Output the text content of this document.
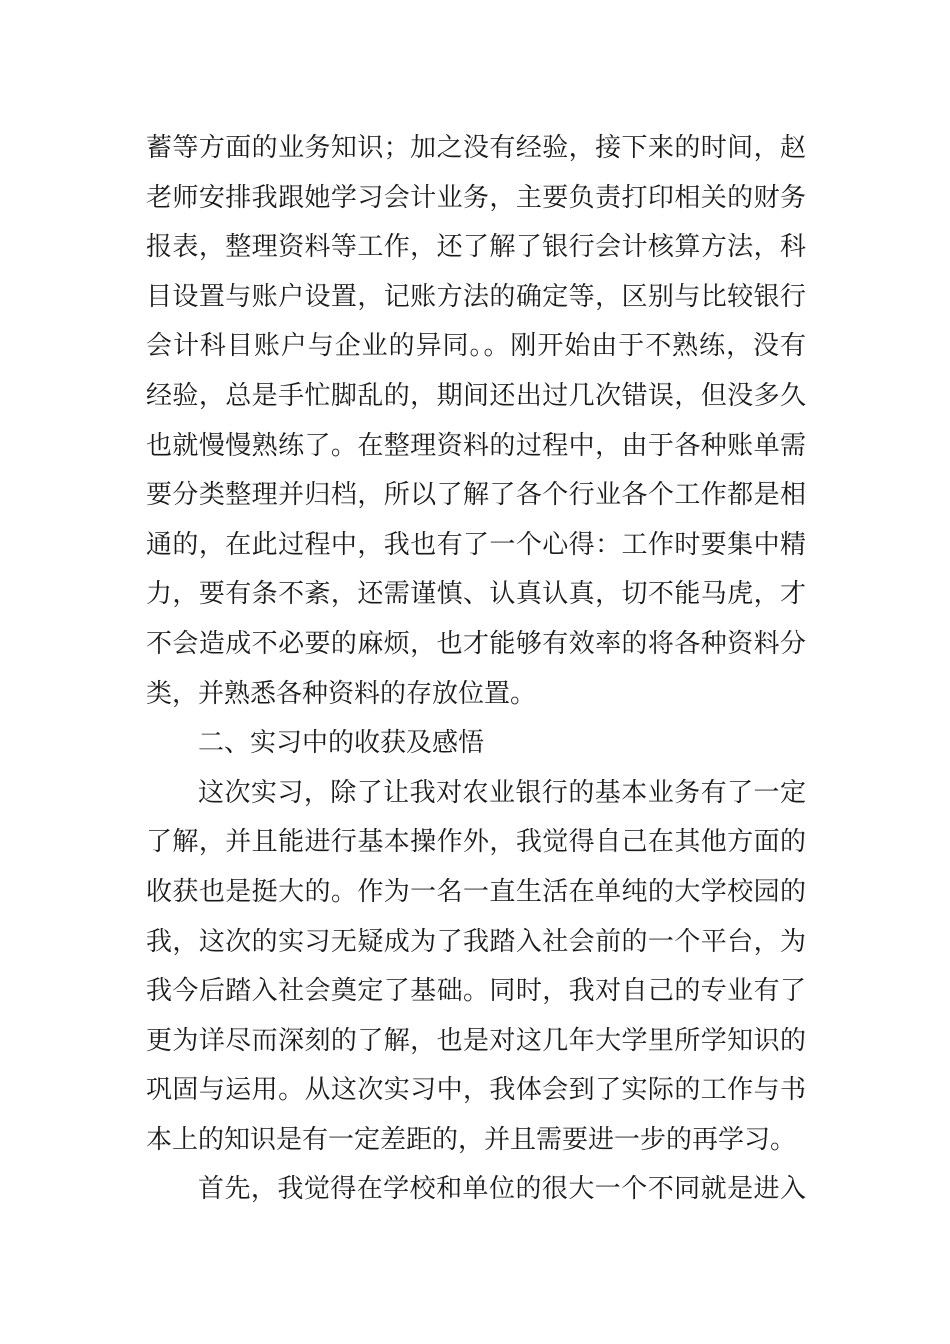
蓄等方面的业务知识；加之没有经验，接下来的时间，赵
老师安排我跟她学习会计业务，主要负责打印相关的财务
报表，整理资料等工作，还了解了银行会计核算方法，科
目设置与账户设置，记账方法的确定等，区别与比较银行
会计科目账户与企业的异同。。刚开始由于不熟练，没有
经验，总是手忙脚乱的，期间还出过几次错误，但没多久
也就慢慢熟练了。在整理资料的过程中，由于各种账单需
要分类整理并归档，所以了解了各个行业各个工作都是相
通的，在此过程中，我也有了一个心得：工作时要集中精
力，要有条不紊，还需谨慎、认真认真，切不能马虎，才
不会造成不必要的麻烦，也才能够有效率的将各种资料分
类，并熟悉各种资料的存放位置。
二、实习中的收获及感悟
这次实习，除了让我对农业银行的基本业务有了一定
了解，并且能进行基本操作外，我觉得自己在其他方面的
收获也是挺大的。作为一名一直生活在单纯的大学校园的
我，这次的实习无疑成为了我踏入社会前的一个平台，为
我今后踏入社会奠定了基础。同时，我对自己的专业有了
更为详尽而深刻的了解，也是对这几年大学里所学知识的
巩固与运用。从这次实习中，我体会到了实际的工作与书
本上的知识是有一定差距的，并且需要进一步的再学习。
首先，我觉得在学校和单位的很大一个不同就是进入
